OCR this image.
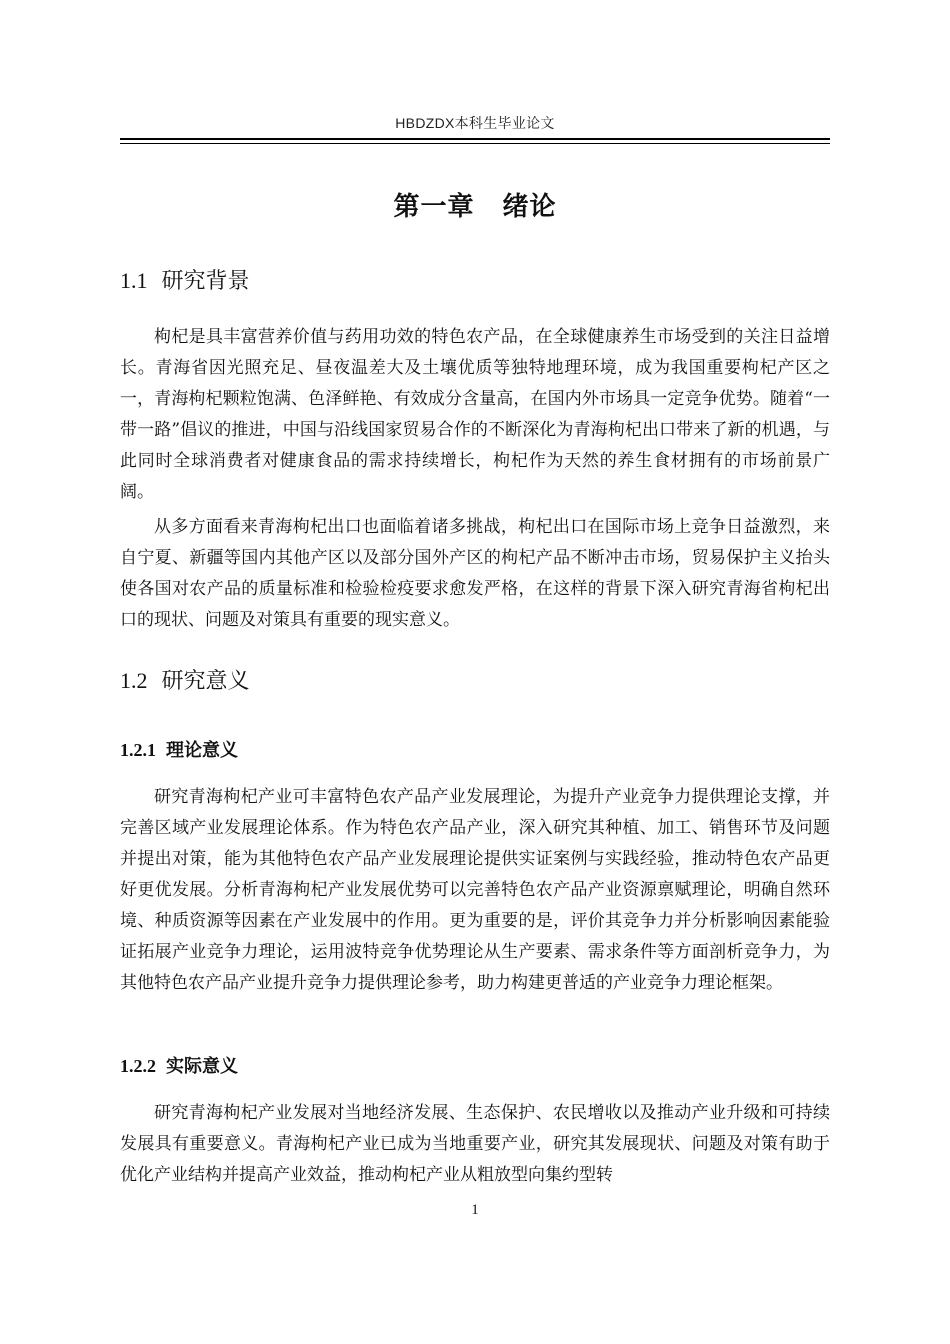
HBDZDX本科生毕业论文
第一章 绪论
1.1 研究背景

枸杞是具丰富营养价值与药用功效的特色农产品，在全球健康养生市场受到的关注日益增长。青海省因光照充足、昼夜温差大及土壤优质等独特地理环境，成为我国重要枸杞产区之一，青海枸杞颗粒饱满、色泽鲜艳、有效成分含量高，在国内外市场具一定竞争优势。随着“一带一路”倡议的推进，中国与沿线国家贸易合作的不断深化为青海枸杞出口带来了新的机遇，与此同时全球消费者对健康食品的需求持续增长，枸杞作为天然的养生食材拥有的市场前景广阔。

从多方面看来青海枸杞出口也面临着诸多挑战，枸杞出口在国际市场上竞争日益激烈，来自宁夏、新疆等国内其他产区以及部分国外产区的枸杞产品不断冲击市场，贸易保护主义抬头使各国对农产品的质量标准和检验检疫要求愈发严格，在这样的背景下深入研究青海省枸杞出口的现状、问题及对策具有重要的现实意义。

1.2 研究意义
1.2.1 理论意义

研究青海枸杞产业可丰富特色农产品产业发展理论，为提升产业竞争力提供理论支撑，并完善区域产业发展理论体系。作为特色农产品产业，深入研究其种植、加工、销售环节及问题并提出对策，能为其他特色农产品产业发展理论提供实证案例与实践经验，推动特色农产品更好更优发展。分析青海枸杞产业发展优势可以完善特色农产品产业资源禀赋理论，明确自然环境、种质资源等因素在产业发展中的作用。更为重要的是，评价其竞争力并分析影响因素能验证拓展产业竞争力理论，运用波特竞争优势理论从生产要素、需求条件等方面剖析竞争力，为其他特色农产品产业提升竞争力提供理论参考，助力构建更普适的产业竞争力理论框架。

1.2.2 实际意义

研究青海枸杞产业发展对当地经济发展、生态保护、农民增收以及推动产业升级和可持续发展具有重要意义。青海枸杞产业已成为当地重要产业，研究其发展现状、问题及对策有助于优化产业结构并提高产业效益，推动枸杞产业从粗放型向集约型转

1
